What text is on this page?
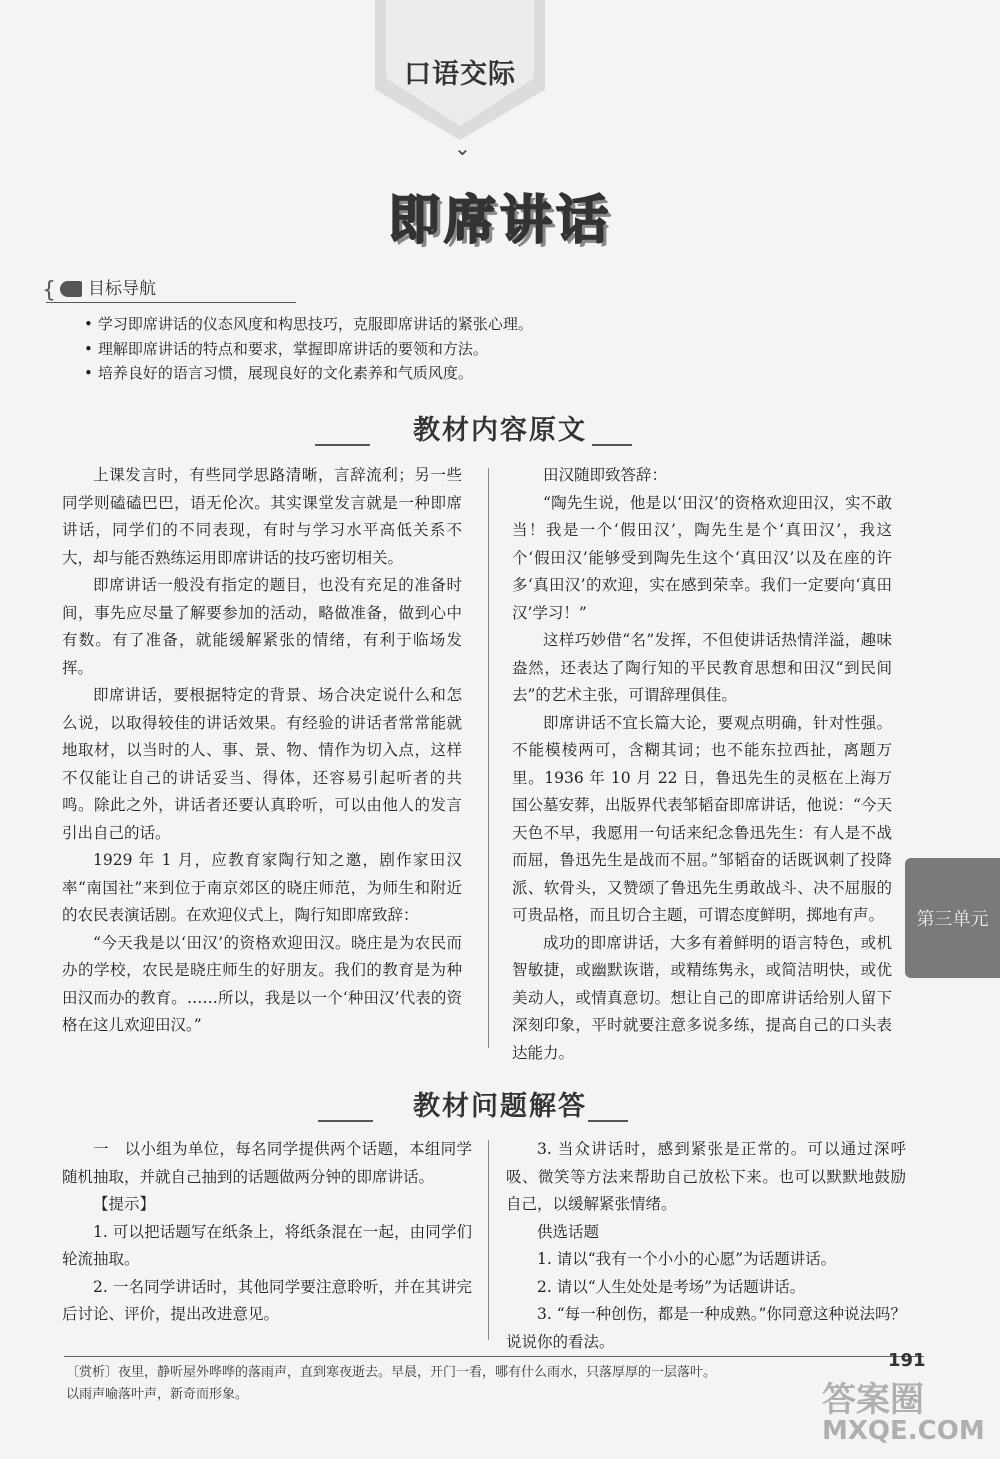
口语交际
⌄
即席讲话
{ 目标导航
• 学习即席讲话的仪态风度和构思技巧，克服即席讲话的紧张心理。
• 理解即席讲话的特点和要求，掌握即席讲话的要领和方法。
• 培养良好的语言习惯，展现良好的文化素养和气质风度。
教材内容原文

上课发言时，有些同学思路清晰，言辞流利；另一些同学则磕磕巴巴，语无伦次。其实课堂发言就是一种即席讲话，同学们的不同表现，有时与学习水平高低关系不大，却与能否熟练运用即席讲话的技巧密切相关。

即席讲话一般没有指定的题目，也没有充足的准备时间，事先应尽量了解要参加的活动，略做准备，做到心中有数。有了准备，就能缓解紧张的情绪，有利于临场发挥。

即席讲话，要根据特定的背景、场合决定说什么和怎么说，以取得较佳的讲话效果。有经验的讲话者常常能就地取材，以当时的人、事、景、物、情作为切入点，这样不仅能让自己的讲话妥当、得体，还容易引起听者的共鸣。除此之外，讲话者还要认真聆听，可以由他人的发言引出自己的话。

1929 年 1 月，应教育家陶行知之邀，剧作家田汉率“南国社”来到位于南京郊区的晓庄师范，为师生和附近的农民表演话剧。在欢迎仪式上，陶行知即席致辞：

“今天我是以‘田汉’的资格欢迎田汉。晓庄是为农民而办的学校，农民是晓庄师生的好朋友。我们的教育是为种田汉而办的教育。……所以，我是以一个‘种田汉’代表的资格在这儿欢迎田汉。”

田汉随即致答辞：

“陶先生说，他是以‘田汉’的资格欢迎田汉，实不敢当！我是一个‘假田汉’，陶先生是个‘真田汉’，我这个‘假田汉’能够受到陶先生这个‘真田汉’以及在座的许多‘真田汉’的欢迎，实在感到荣幸。我们一定要向‘真田汉’学习！”

这样巧妙借“名”发挥，不但使讲话热情洋溢，趣味盎然，还表达了陶行知的平民教育思想和田汉“到民间去”的艺术主张，可谓辞理俱佳。

即席讲话不宜长篇大论，要观点明确，针对性强。不能模棱两可，含糊其词；也不能东拉西扯，离题万里。1936 年 10 月 22 日，鲁迅先生的灵柩在上海万国公墓安葬，出版界代表邹韬奋即席讲话，他说：“今天天色不早，我愿用一句话来纪念鲁迅先生：有人是不战而屈，鲁迅先生是战而不屈。”邹韬奋的话既讽刺了投降派、软骨头，又赞颂了鲁迅先生勇敢战斗、决不屈服的可贵品格，而且切合主题，可谓态度鲜明，掷地有声。

成功的即席讲话，大多有着鲜明的语言特色，或机智敏捷，或幽默诙谐，或精练隽永，或简洁明快，或优美动人，或情真意切。想让自己的即席讲话给别人留下深刻印象，平时就要注意多说多练，提高自己的口头表达能力。

第三单元
教材问题解答

一　以小组为单位，每名同学提供两个话题，本组同学随机抽取，并就自己抽到的话题做两分钟的即席讲话。

【提示】

1. 可以把话题写在纸条上，将纸条混在一起，由同学们轮流抽取。

2. 一名同学讲话时，其他同学要注意聆听，并在其讲完后讨论、评价，提出改进意见。

3. 当众讲话时，感到紧张是正常的。可以通过深呼吸、微笑等方法来帮助自己放松下来。也可以默默地鼓励自己，以缓解紧张情绪。

供选话题

1. 请以“我有一个小小的心愿”为话题讲话。

2. 请以“人生处处是考场”为话题讲话。

3. “每一种创伤，都是一种成熟。”你同意这种说法吗？说说你的看法。

191
〔赏析〕夜里，静听屋外哗哗的落雨声，直到寒夜逝去。早晨，开门一看，哪有什么雨水，只落厚厚的一层落叶。
以雨声喻落叶声，新奇而形象。	答案圈
MXQE.COM
